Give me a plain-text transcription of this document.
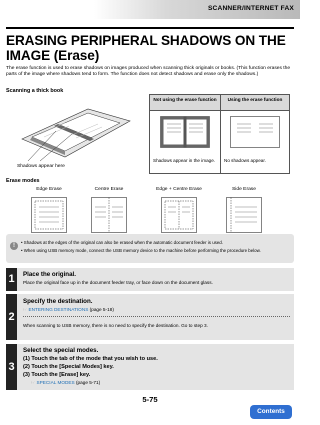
SCANNER/INTERNET FAX
ERASING PERIPHERAL SHADOWS ON THE IMAGE (Erase)
The erase function is used to erase shadows on images produced when scanning thick originals or books. (This function erases the parts of the image where shadows tend to form. The function does not detect shadows and erase only the shadows.)
Scanning a thick book
Shadows appear here
Not using the erase function	Using the erase function
Shadows appear in the image.	No shadows appear.
Erase modes
Edge Erase	Centre Erase	Edge + Centre Erase	Side Erase
!
• Shadows at the edges of the original can also be erased when the automatic document feeder is used.
• When using USB memory mode, connect the USB memory device to the machine before performing the procedure below.
1	Place the original.
Place the original face up in the document feeder tray, or face down on the document glass.
2
Specify the destination.
☞ ENTERING DESTINATIONS (page 5-18)
When scanning to USB memory, there is no need to specify the destination. Go to step 3.
3
Select the special modes.
(1) Touch the tab of the mode that you wish to use.
(2) Touch the [Special Modes] key.
(3) Touch the [Erase] key.
☞ SPECIAL MODES (page 5-71)
5-75
Contents
